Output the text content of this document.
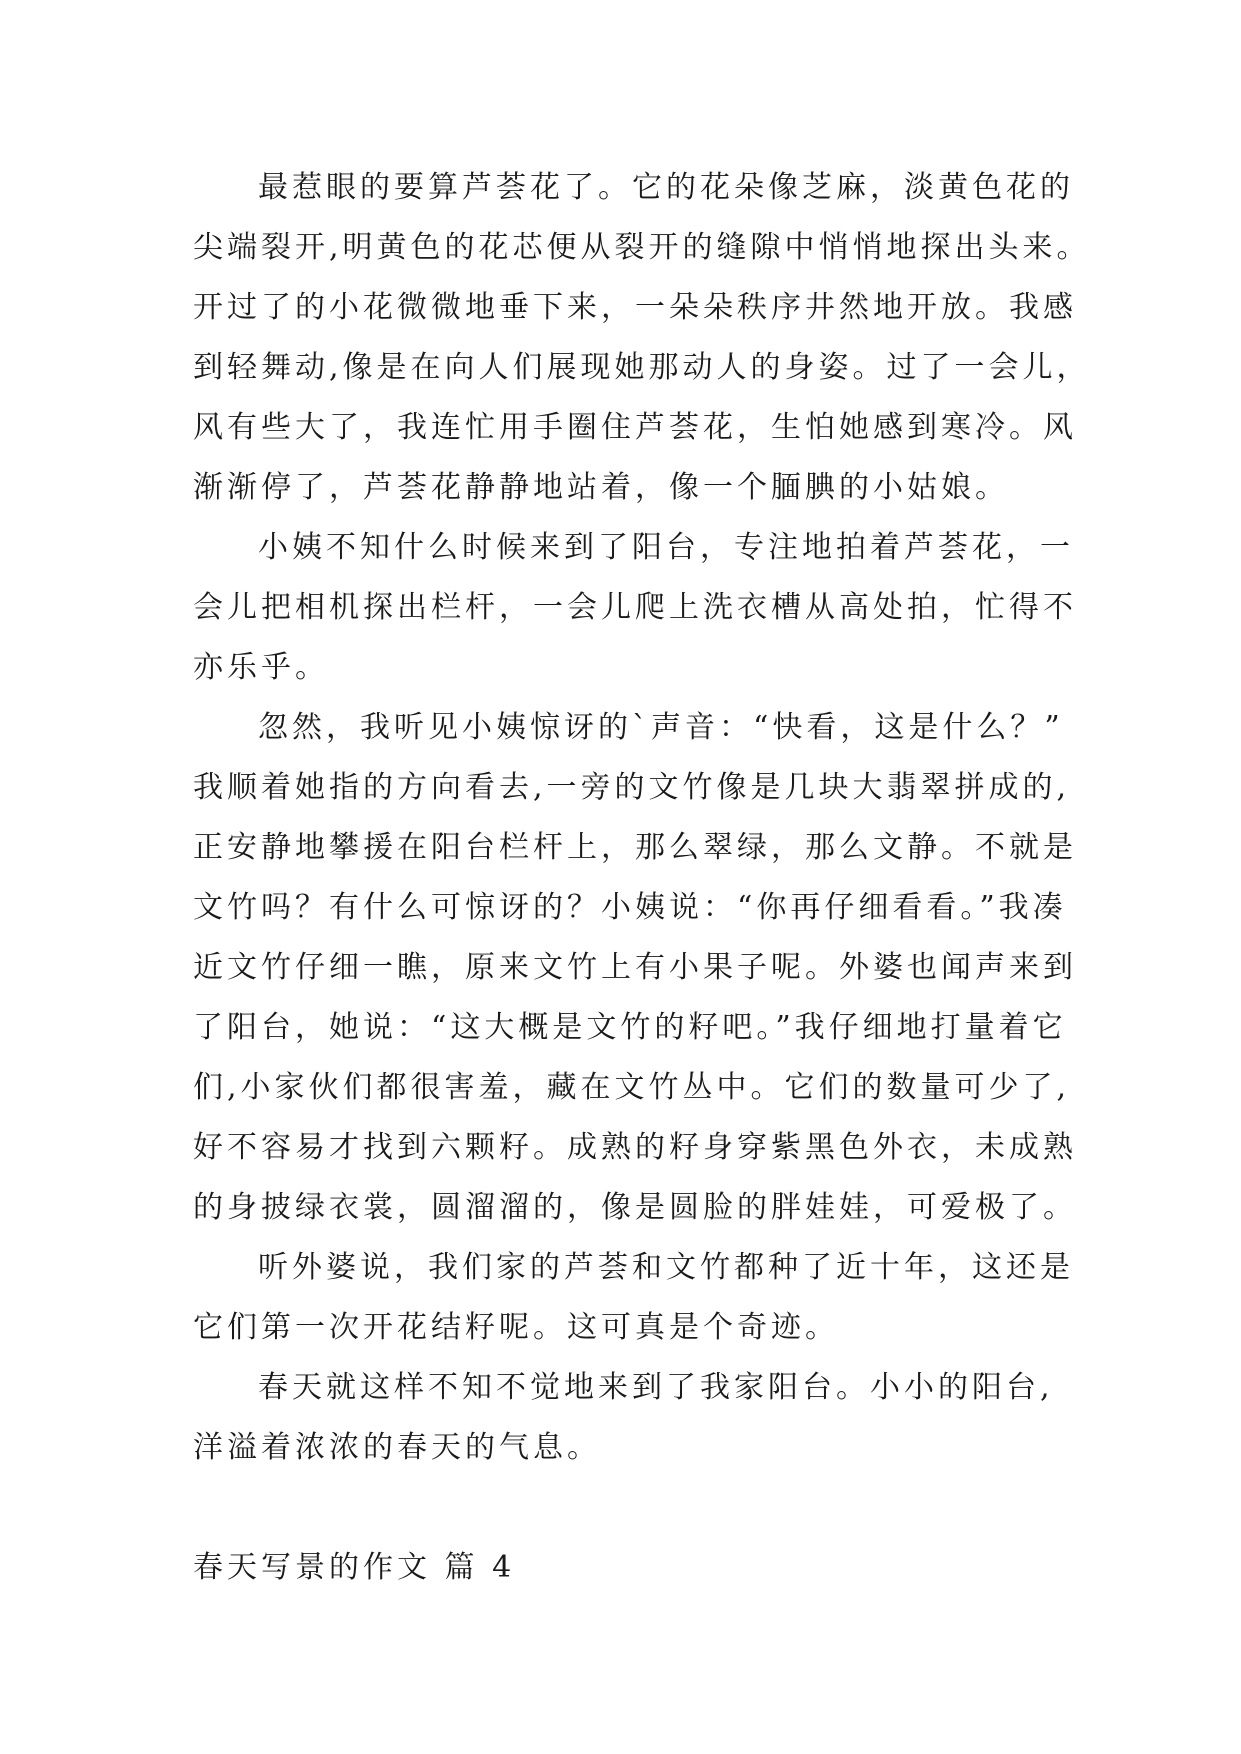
最惹眼的要算芦荟花了。它的花朵像芝麻，淡黄色花的

尖端裂开,明黄色的花芯便从裂开的缝隙中悄悄地探出头来。

开过了的小花微微地垂下来，一朵朵秩序井然地开放。我感

到轻舞动,像是在向人们展现她那动人的身姿。过了一会儿，

风有些大了，我连忙用手圈住芦荟花，生怕她感到寒冷。风

渐渐停了，芦荟花静静地站着，像一个腼腆的小姑娘。

小姨不知什么时候来到了阳台，专注地拍着芦荟花，一

会儿把相机探出栏杆，一会儿爬上洗衣槽从高处拍，忙得不

亦乐乎。

忽然，我听见小姨惊讶的`声音：“快看，这是什么？”

我顺着她指的方向看去,一旁的文竹像是几块大翡翠拼成的,

正安静地攀援在阳台栏杆上，那么翠绿，那么文静。不就是

文竹吗？有什么可惊讶的？小姨说：“你再仔细看看。”我凑

近文竹仔细一瞧，原来文竹上有小果子呢。外婆也闻声来到

了阳台，她说：“这大概是文竹的籽吧。”我仔细地打量着它

们,小家伙们都很害羞，藏在文竹丛中。它们的数量可少了,

好不容易才找到六颗籽。成熟的籽身穿紫黑色外衣，未成熟

的身披绿衣裳，圆溜溜的，像是圆脸的胖娃娃，可爱极了。

听外婆说，我们家的芦荟和文竹都种了近十年，这还是

它们第一次开花结籽呢。这可真是个奇迹。

春天就这样不知不觉地来到了我家阳台。小小的阳台,

洋溢着浓浓的春天的气息。

春天写景的作文 篇 4
